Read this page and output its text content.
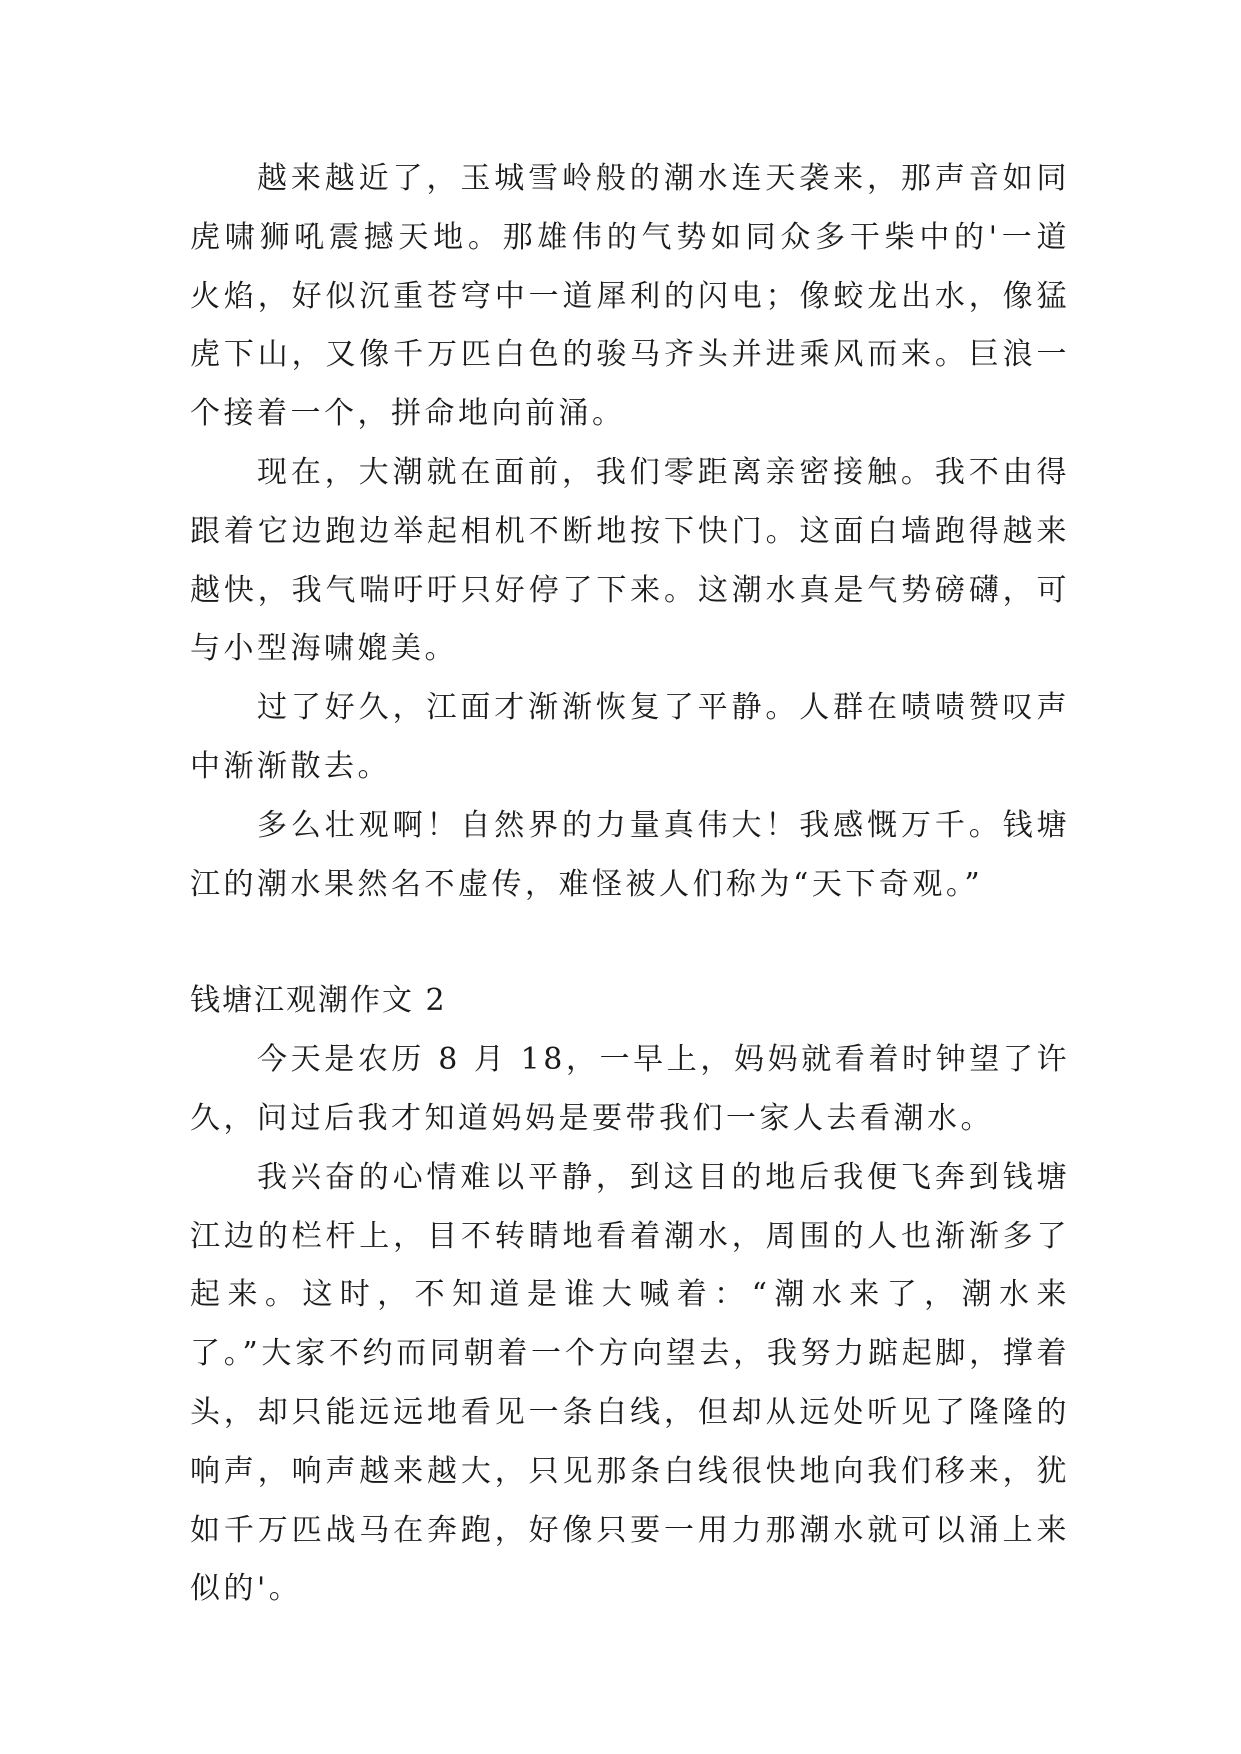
越来越近了，玉城雪岭般的潮水连天袭来，那声音如同虎啸狮吼震撼天地。那雄伟的气势如同众多干柴中的'一道火焰，好似沉重苍穹中一道犀利的闪电；像蛟龙出水，像猛虎下山，又像千万匹白色的骏马齐头并进乘风而来。巨浪一个接着一个，拼命地向前涌。

现在，大潮就在面前，我们零距离亲密接触。我不由得跟着它边跑边举起相机不断地按下快门。这面白墙跑得越来越快，我气喘吁吁只好停了下来。这潮水真是气势磅礴，可与小型海啸媲美。

过了好久，江面才渐渐恢复了平静。人群在啧啧赞叹声中渐渐散去。

多么壮观啊！自然界的力量真伟大！我感慨万千。钱塘江的潮水果然名不虚传，难怪被人们称为“天下奇观。”

钱塘江观潮作文 2

今天是农历 8 月 18，一早上，妈妈就看着时钟望了许久，问过后我才知道妈妈是要带我们一家人去看潮水。

我兴奋的心情难以平静，到这目的地后我便飞奔到钱塘江边的栏杆上，目不转睛地看着潮水，周围的人也渐渐多了起来。这时，不知道是谁大喊着：“潮水来了，潮水来了。”大家不约而同朝着一个方向望去，我努力踮起脚，撑着头，却只能远远地看见一条白线，但却从远处听见了隆隆的响声，响声越来越大，只见那条白线很快地向我们移来，犹如千万匹战马在奔跑，好像只要一用力那潮水就可以涌上来似的'。
